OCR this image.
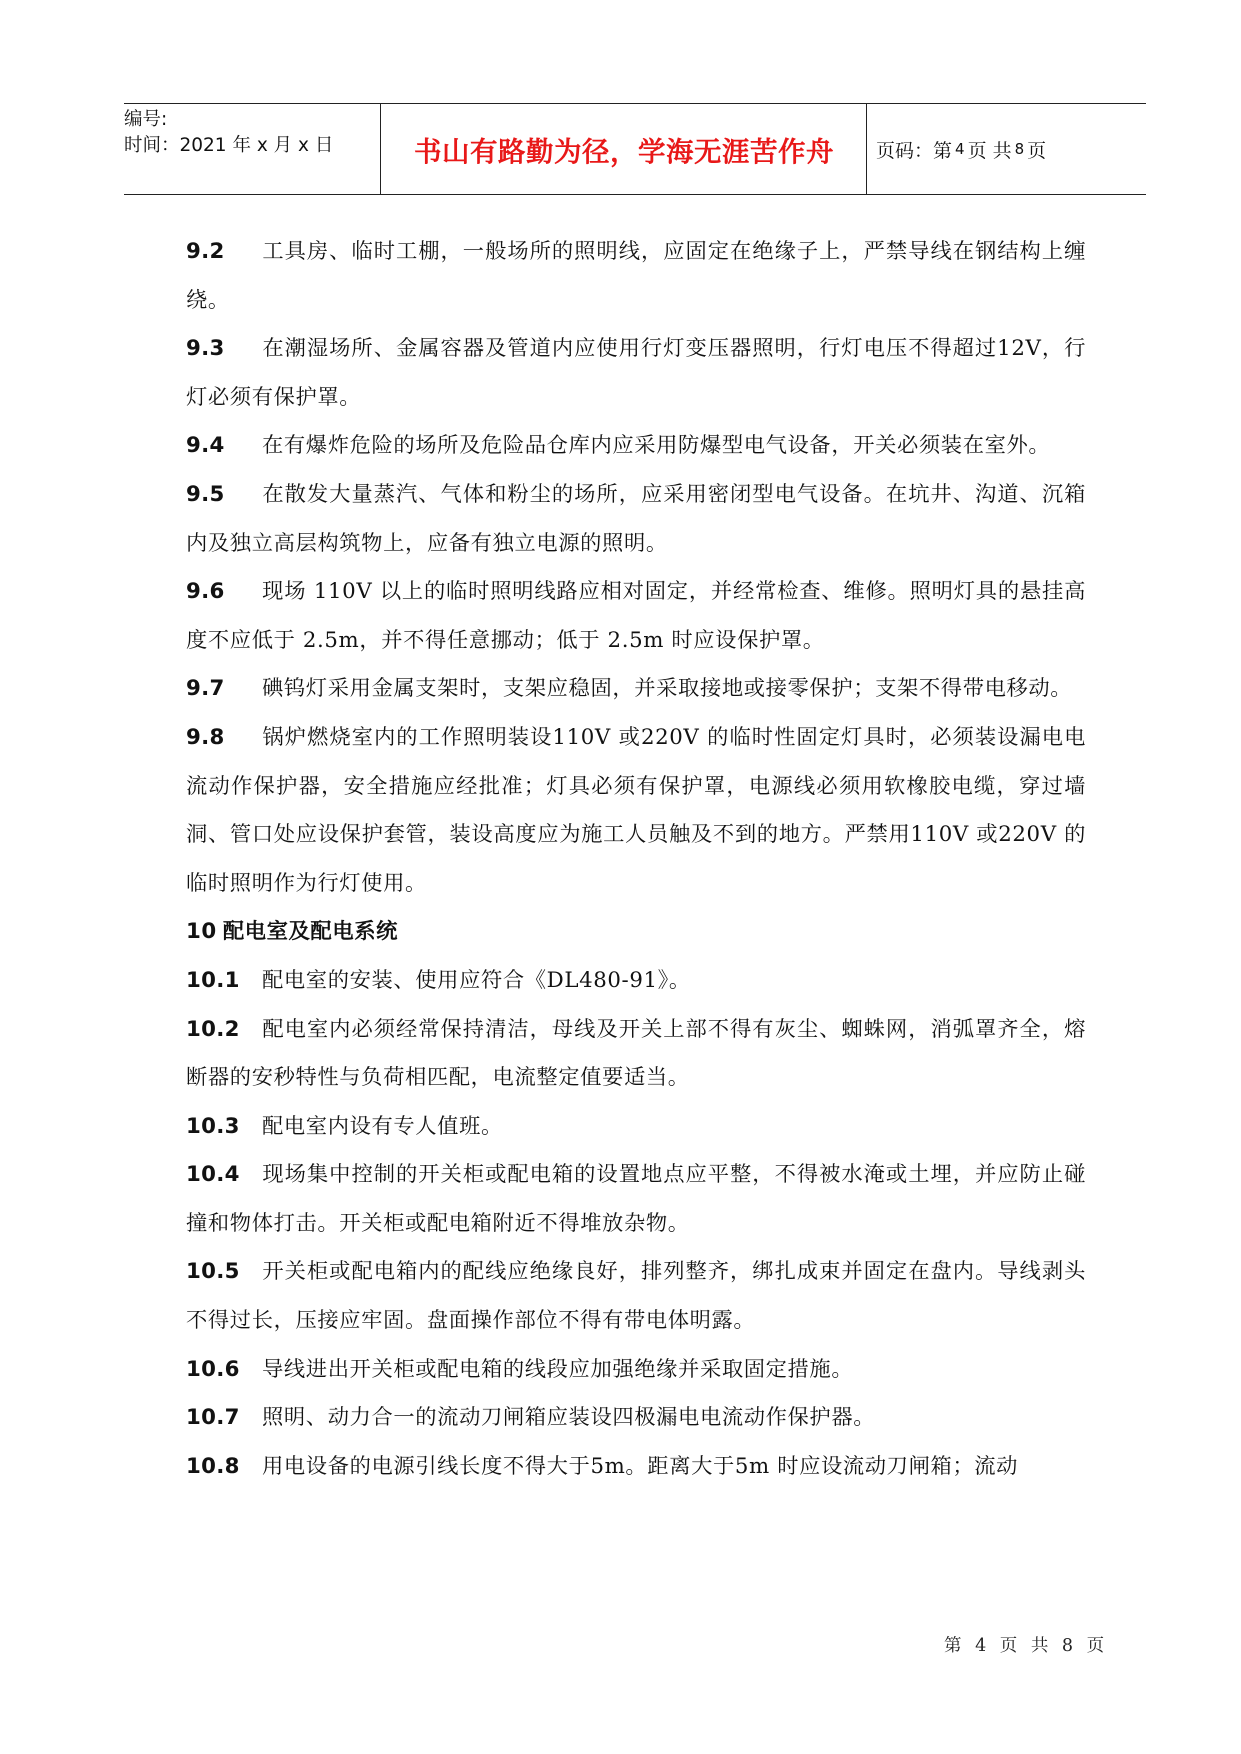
编号:
时间：2021 年 x 月 x 日	书山有路勤为径，学海无涯苦作舟	页码：第 4 页 共 8 页

9.2 工具房、临时工棚，一般场所的照明线，应固定在绝缘子上，严禁导线在钢结构上缠绕。

9.3 在潮湿场所、金属容器及管道内应使用行灯变压器照明，行灯电压不得超过12V，行灯必须有保护罩。

9.4 在有爆炸危险的场所及危险品仓库内应采用防爆型电气设备，开关必须装在室外。

9.5 在散发大量蒸汽、气体和粉尘的场所，应采用密闭型电气设备。在坑井、沟道、沉箱内及独立高层构筑物上，应备有独立电源的照明。

9.6 现场 110V 以上的临时照明线路应相对固定，并经常检查、维修。照明灯具的悬挂高度不应低于 2.5m，并不得任意挪动；低于 2.5m 时应设保护罩。

9.7 碘钨灯采用金属支架时，支架应稳固，并采取接地或接零保护；支架不得带电移动。

9.8 锅炉燃烧室内的工作照明装设110V 或220V 的临时性固定灯具时，必须装设漏电电流动作保护器，安全措施应经批准；灯具必须有保护罩，电源线必须用软橡胶电缆，穿过墙洞、管口处应设保护套管，装设高度应为施工人员触及不到的地方。严禁用110V 或220V 的临时照明作为行灯使用。

10 配电室及配电系统

10.1 配电室的安装、使用应符合《DL480-91》。

10.2 配电室内必须经常保持清洁，母线及开关上部不得有灰尘、蜘蛛网，消弧罩齐全，熔断器的安秒特性与负荷相匹配，电流整定值要适当。

10.3 配电室内设有专人值班。

10.4 现场集中控制的开关柜或配电箱的设置地点应平整，不得被水淹或土埋，并应防止碰撞和物体打击。开关柜或配电箱附近不得堆放杂物。

10.5 开关柜或配电箱内的配线应绝缘良好，排列整齐，绑扎成束并固定在盘内。导线剥头不得过长，压接应牢固。盘面操作部位不得有带电体明露。

10.6 导线进出开关柜或配电箱的线段应加强绝缘并采取固定措施。

10.7 照明、动力合一的流动刀闸箱应装设四极漏电电流动作保护器。

10.8 用电设备的电源引线长度不得大于5m。距离大于5m 时应设流动刀闸箱；流动

第 4 页 共 8 页
